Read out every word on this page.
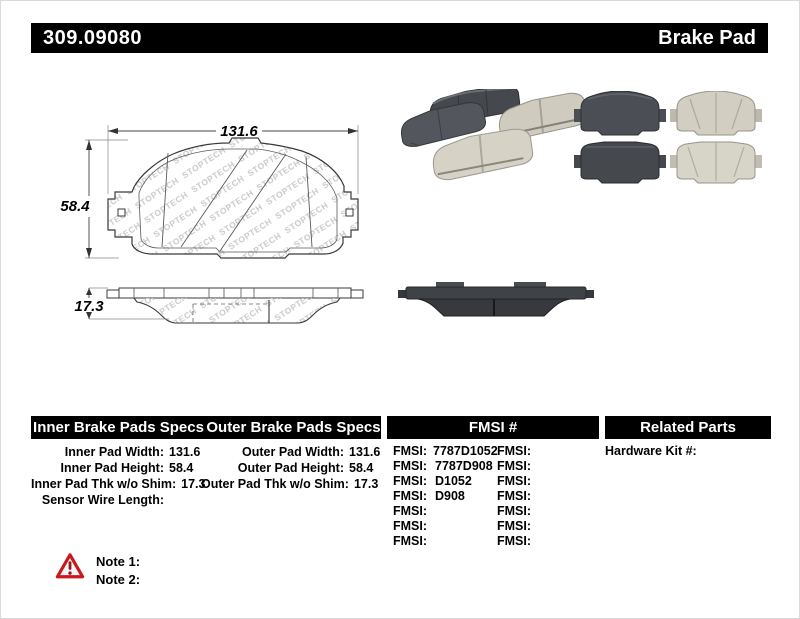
309.09080	Brake Pad
131.6
58.4
17.3
Inner Brake Pads Specs Outer Brake Pads Specs	FMSI #	Related Parts
Inner Pad Width: 131.6
Inner Pad Height: 58.4
Inner Pad Thk w/o Shim: 17.3
Sensor Wire Length:
Outer Pad Width: 131.6
Outer Pad Height: 58.4
Outer Pad Thk w/o Shim: 17.3
FMSI: 7787D1052
FMSI: 7787D908
FMSI: D1052
FMSI: D908
FMSI:
FMSI:
FMSI:
FMSI:
FMSI:
FMSI:
FMSI:
FMSI:
FMSI:
FMSI:
Hardware Kit #:
Note 1:
Note 2:
